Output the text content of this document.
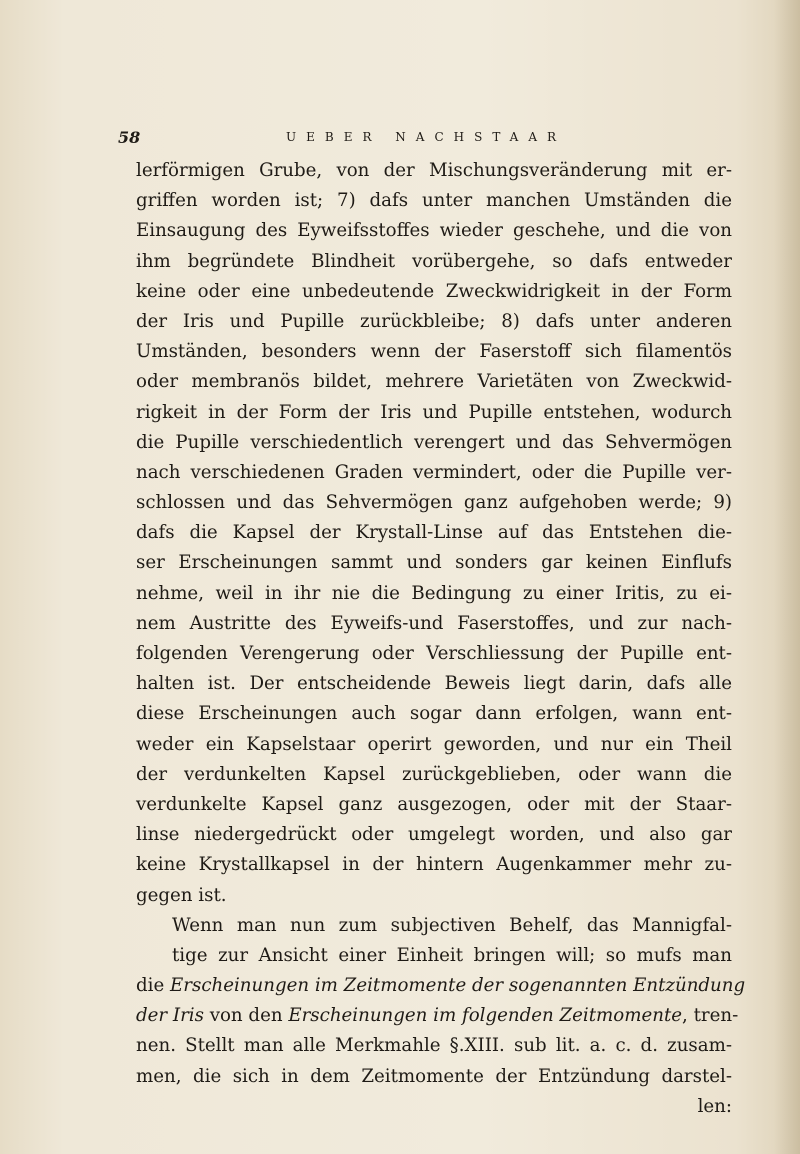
58	UEBER NACHSTAAR
lerförmigen Grube, von der Mischungsveränderung mit er-
griffen worden ist; 7) dafs unter manchen Umständen die
Einsaugung des Eyweifsstoffes wieder geschehe, und die von
ihm begründete Blindheit vorübergehe, so dafs entweder
keine oder eine unbedeutende Zweckwidrigkeit in der Form
der Iris und Pupille zurückbleibe; 8) dafs unter anderen
Umständen, besonders wenn der Faserstoff sich filamentös
oder membranös bildet, mehrere Varietäten von Zweckwid-
rigkeit in der Form der Iris und Pupille entstehen, wodurch
die Pupille verschiedentlich verengert und das Sehvermögen
nach verschiedenen Graden vermindert, oder die Pupille ver-
schlossen und das Sehvermögen ganz aufgehoben werde; 9)
dafs die Kapsel der Krystall-Linse auf das Entstehen die-
ser Erscheinungen sammt und sonders gar keinen Einflufs
nehme, weil in ihr nie die Bedingung zu einer Iritis, zu ei-
nem Austritte des Eyweifs-und Faserstoffes, und zur nach-
folgenden Verengerung oder Verschliessung der Pupille ent-
halten ist. Der entscheidende Beweis liegt darin, dafs alle
diese Erscheinungen auch sogar dann erfolgen, wann ent-
weder ein Kapselstaar operirt geworden, und nur ein Theil
der verdunkelten Kapsel zurückgeblieben, oder wann die
verdunkelte Kapsel ganz ausgezogen, oder mit der Staar-
linse niedergedrückt oder umgelegt worden, und also gar
keine Krystallkapsel in der hintern Augenkammer mehr zu-
gegen ist.
Wenn man nun zum subjectiven Behelf, das Mannigfal-
tige zur Ansicht einer Einheit bringen will; so mufs man
die Erscheinungen im Zeitmomente der sogenannten Entzündung
der Iris von den Erscheinungen im folgenden Zeitmomente, tren-
nen. Stellt man alle Merkmahle §.XIII. sub lit. a. c. d. zusam-
men, die sich in dem Zeitmomente der Entzündung darstel-
len:
